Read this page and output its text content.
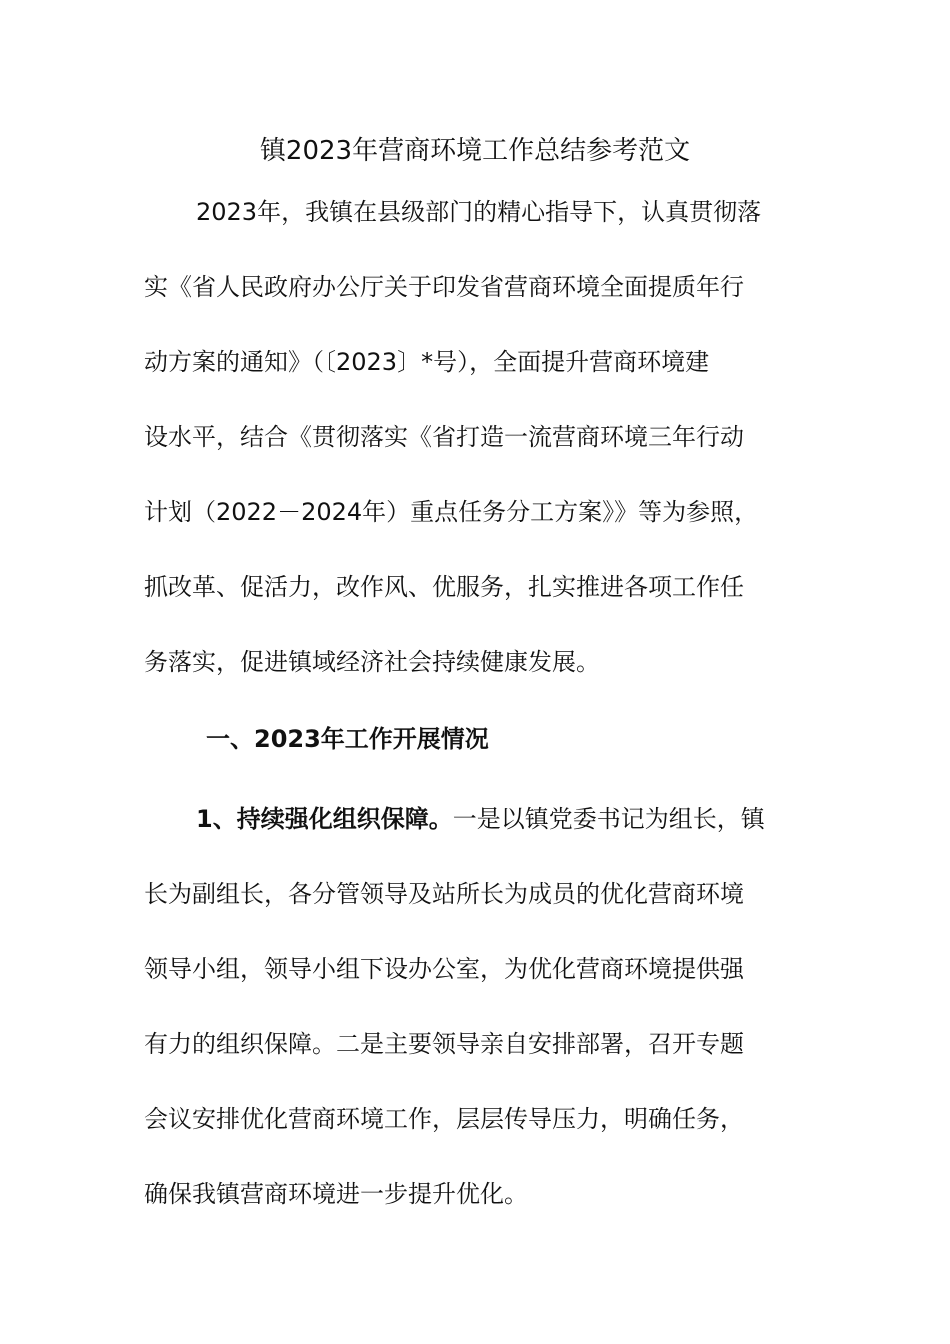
镇2023年营商环境工作总结参考范文
2023年，我镇在县级部门的精心指导下，认真贯彻落
实《省人民政府办公厅关于印发省营商环境全面提质年行
动方案的通知》（〔2023〕*号），全面提升营商环境建
设水平，结合《贯彻落实《省打造一流营商环境三年行动
计划（2022－2024年）重点任务分工方案》》等为参照，
抓改革、促活力，改作风、优服务，扎实推进各项工作任
务落实，促进镇域经济社会持续健康发展。
一、2023年工作开展情况
1、持续强化组织保障。一是以镇党委书记为组长，镇
长为副组长，各分管领导及站所长为成员的优化营商环境
领导小组，领导小组下设办公室，为优化营商环境提供强
有力的组织保障。二是主要领导亲自安排部署，召开专题
会议安排优化营商环境工作，层层传导压力，明确任务，
确保我镇营商环境进一步提升优化。
